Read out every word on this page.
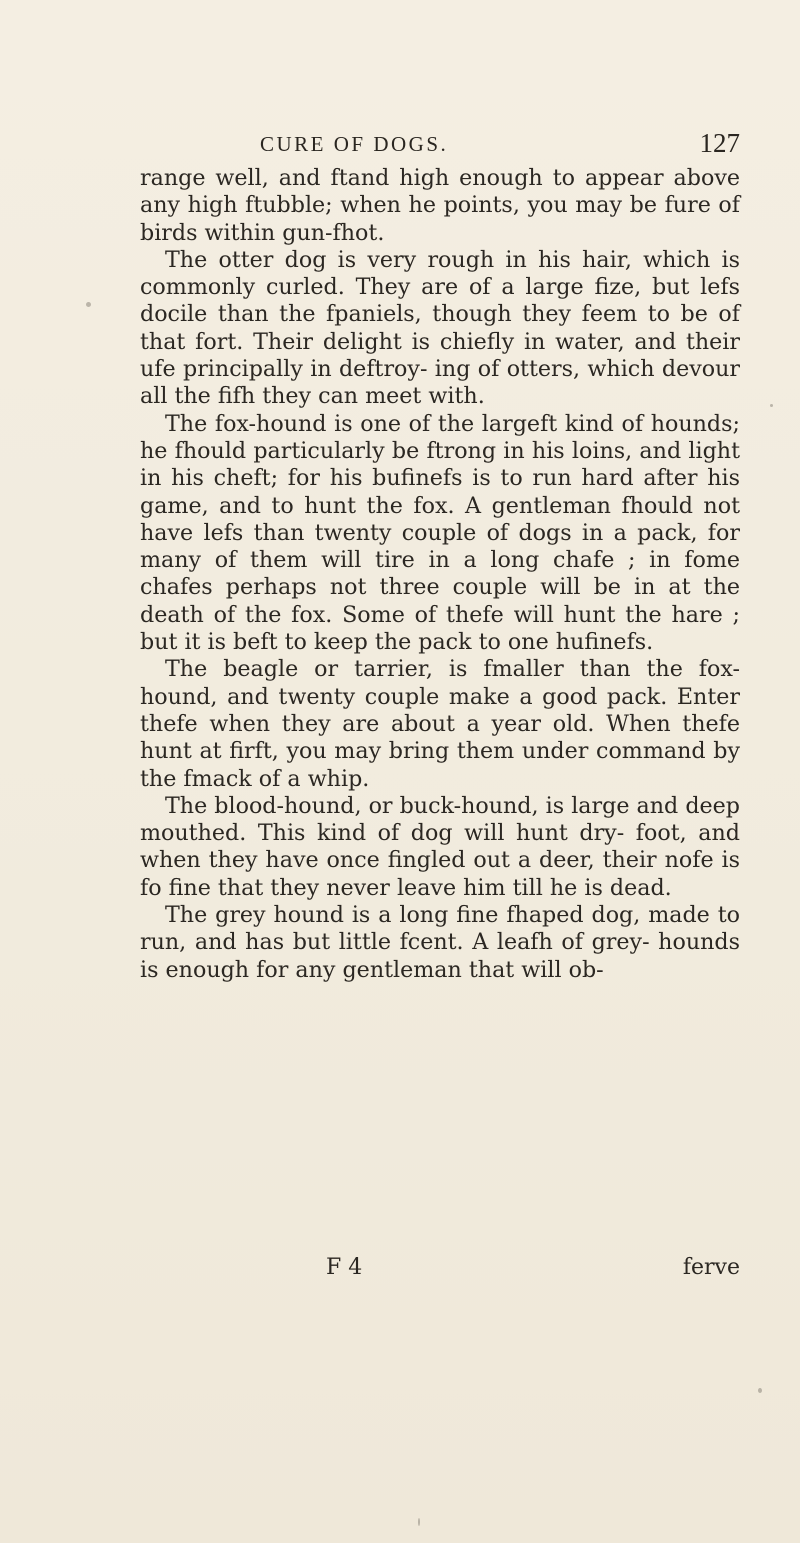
CURE OF DOGS.	127

range well, and ftand high enough to appear above any high ftubble; when he points, you may be fure of birds within gun-fhot.

The otter dog is very rough in his hair, which is commonly curled. They are of a large fize, but lefs docile than the fpaniels, though they feem to be of that fort. Their delight is chiefly in water, and their ufe principally in deftroy- ing of otters, which devour all the fifh they can meet with.

The fox-hound is one of the largeft kind of hounds; he fhould particularly be ftrong in his loins, and light in his cheft; for his bufinefs is to run hard after his game, and to hunt the fox. A gentleman fhould not have lefs than twenty couple of dogs in a pack, for many of them will tire in a long chafe ; in fome chafes perhaps not three couple will be in at the death of the fox. Some of thefe will hunt the hare ; but it is beft to keep the pack to one hufinefs.

The beagle or tarrier, is fmaller than the fox- hound, and twenty couple make a good pack. Enter thefe when they are about a year old. When thefe hunt at firft, you may bring them under command by the fmack of a whip.

The blood-hound, or buck-hound, is large and deep mouthed. This kind of dog will hunt dry- foot, and when they have once fingled out a deer, their nofe is fo fine that they never leave him till he is dead.

The grey hound is a long fine fhaped dog, made to run, and has but little fcent. A leafh of grey- hounds is enough for any gentleman that will ob-

F 4	ferve
